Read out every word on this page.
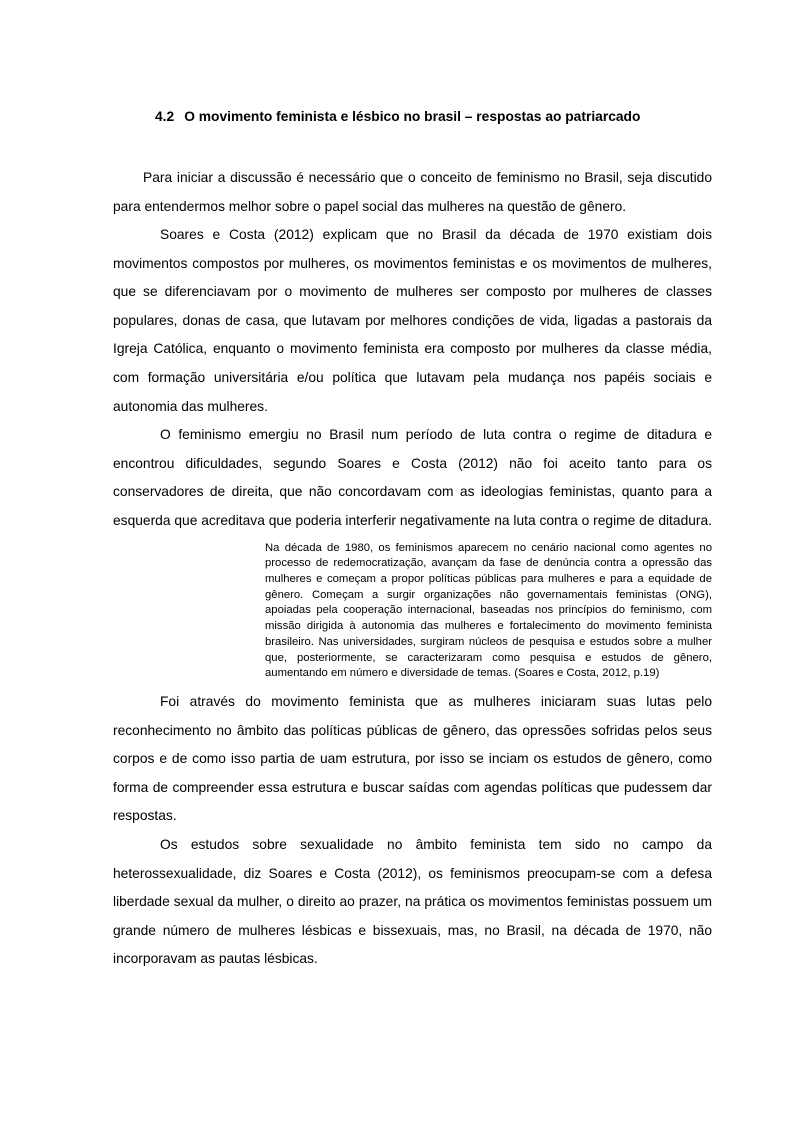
4.2 O movimento feminista e lésbico no brasil – respostas ao patriarcado

Para iniciar a discussão é necessário que o conceito de feminismo no Brasil, seja discutido para entendermos melhor sobre o papel social das mulheres na questão de gênero.

Soares e Costa (2012) explicam que no Brasil da década de 1970 existiam dois movimentos compostos por mulheres, os movimentos feministas e os movimentos de mulheres, que se diferenciavam por o movimento de mulheres ser composto por mulheres de classes populares, donas de casa, que lutavam por melhores condições de vida, ligadas a pastorais da Igreja Católica, enquanto o movimento feminista era composto por mulheres da classe média, com formação universitária e/ou política que lutavam pela mudança nos papéis sociais e autonomia das mulheres.

O feminismo emergiu no Brasil num período de luta contra o regime de ditadura e encontrou dificuldades, segundo Soares e Costa (2012) não foi aceito tanto para os conservadores de direita, que não concordavam com as ideologias feministas, quanto para a esquerda que acreditava que poderia interferir negativamente na luta contra o regime de ditadura.

Na década de 1980, os feminismos aparecem no cenário nacional como agentes no processo de redemocratização, avançam da fase de denúncia contra a opressão das mulheres e começam a propor políticas públicas para mulheres e para a equidade de gênero. Começam a surgir organizações não governamentais feministas (ONG), apoiadas pela cooperação internacional, baseadas nos princípios do feminismo, com missão dirigida à autonomia das mulheres e fortalecimento do movimento feminista brasileiro. Nas universidades, surgiram núcleos de pesquisa e estudos sobre a mulher que, posteriormente, se caracterizaram como pesquisa e estudos de gênero, aumentando em número e diversidade de temas. (Soares e Costa, 2012, p.19)

Foi através do movimento feminista que as mulheres iniciaram suas lutas pelo reconhecimento no âmbito das políticas públicas de gênero, das opressões sofridas pelos seus corpos e de como isso partia de uam estrutura, por isso se inciam os estudos de gênero, como forma de compreender essa estrutura e buscar saídas com agendas políticas que pudessem dar respostas.

Os estudos sobre sexualidade no âmbito feminista tem sido no campo da heterossexualidade, diz Soares e Costa (2012), os feminismos preocupam-se com a defesa liberdade sexual da mulher, o direito ao prazer, na prática os movimentos feministas possuem um grande número de mulheres lésbicas e bissexuais, mas, no Brasil, na década de 1970, não incorporavam as pautas lésbicas.
